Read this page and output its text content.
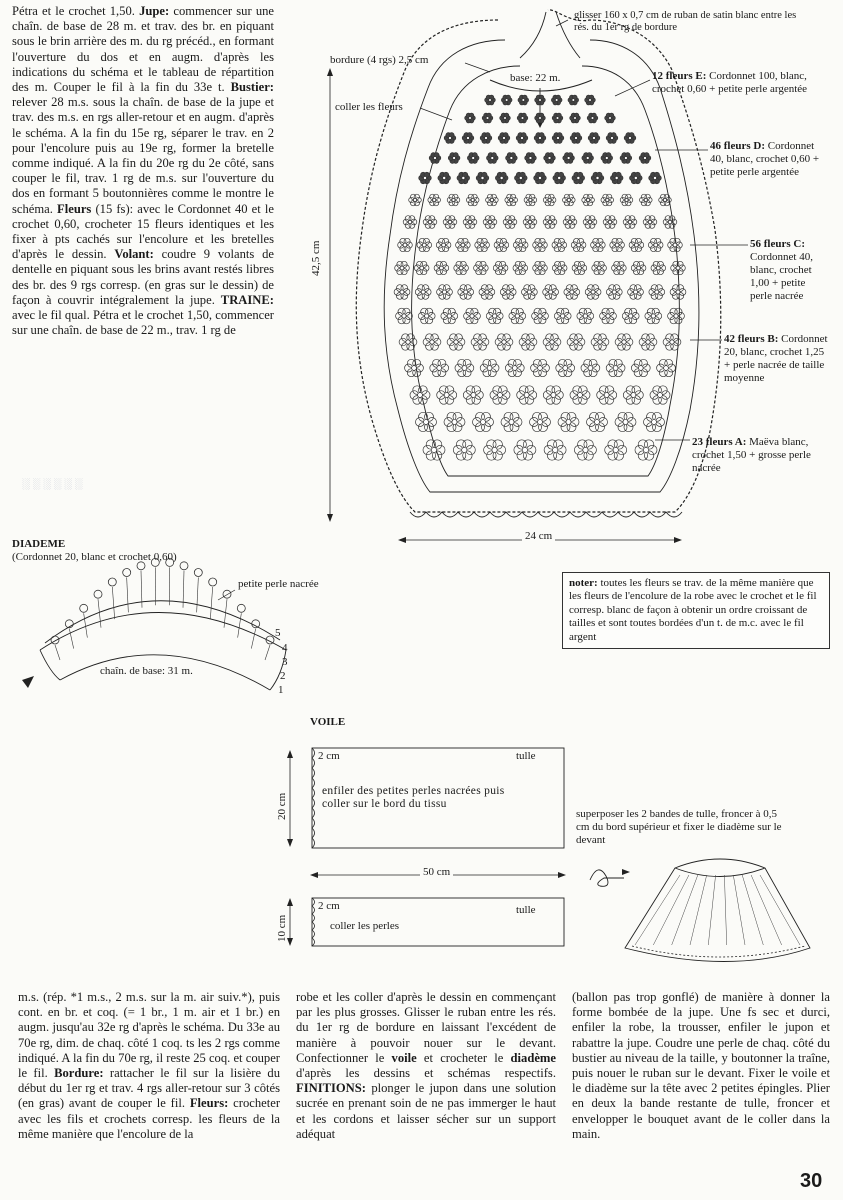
Pétra et le crochet 1,50. Jupe: commencer sur une chaîn. de base de 28 m. et trav. des br. en piquant sous le brin arrière des m. du rg précéd., en formant l'ouverture du dos et en augm. d'après les indications du schéma et le tableau de répartition des m. Couper le fil à la fin du 33e t. Bustier: relever 28 m.s. sous la chaîn. de base de la jupe et trav. des m.s. en rgs aller-retour et en augm. d'après le schéma. A la fin du 15e rg, séparer le trav. en 2 pour l'encolure puis au 19e rg, former la bretelle comme indiqué. A la fin du 20e rg du 2e côté, sans couper le fil, trav. 1 rg de m.s. sur l'ouverture du dos en formant 5 boutonnières comme le montre le schéma. Fleurs (15 fs): avec le Cordonnet 40 et le crochet 0,60, crocheter 15 fleurs identiques et les fixer à pts cachés sur l'encolure et les bretelles d'après le dessin. Volant: coudre 9 volants de dentelle en piquant sous les brins avant restés libres des br. des 9 rgs corresp. (en gras sur le dessin) de façon à couvrir intégralement la jupe. TRAINE: avec le fil qual. Pétra et le crochet 1,50, commencer sur une chaîn. de base de 22 m., trav. 1 rg de
glisser 160 x 0,7 cm de ruban de satin blanc entre les rés. du 1er rg de bordure
bordure (4 rgs) 2,5 cm
base: 22 m.
coller les fleurs
42,5 cm
24 cm
12 fleurs E: Cordonnet 100, blanc, crochet 0,60 + petite perle argentée
46 fleurs D: Cordonnet 40, blanc, crochet 0,60 + petite perle argentée
56 fleurs C: Cordonnet 40, blanc, crochet 1,00 + petite perle nacrée
42 fleurs B: Cordonnet 20, blanc, crochet 1,25 + perle nacrée de taille moyenne
23 fleurs A: Maëva blanc, crochet 1,50 + grosse perle nacrée
DIADEME
(Cordonnet 20, blanc et crochet 0,60)
petite perle nacrée
chaîn. de base: 31 m.
5
4
3
2
1
noter: toutes les fleurs se trav. de la même manière que les fleurs de l'encolure de la robe avec le crochet et le fil corresp. blanc de façon à obtenir un ordre croissant de tailles et sont toutes bordées d'un t. de m.c. avec le fil argent
VOILE
2 cm	tulle
enfiler des petites perles nacrées puis coller sur le bord du tissu
20 cm
50 cm
2 cm	tulle
coller les perles
10 cm
superposer les 2 bandes de tulle, froncer à 0,5 cm du bord supérieur et fixer le diadème sur le devant
░ ░ ░ ░ ░ ░
m.s. (rép. *1 m.s., 2 m.s. sur la m. air suiv.*), puis cont. en br. et coq. (= 1 br., 1 m. air et 1 br.) en augm. jusqu'au 32e rg d'après le schéma. Du 33e au 70e rg, dim. de chaq. côté 1 coq. ts les 2 rgs comme indiqué. A la fin du 70e rg, il reste 25 coq. et couper le fil. Bordure: rattacher le fil sur la lisière du début du 1er rg et trav. 4 rgs aller-retour sur 3 côtés (en gras) avant de couper le fil. Fleurs: crocheter avec les fils et crochets corresp. les fleurs de la même manière que l'encolure de la
robe et les coller d'après le dessin en commençant par les plus grosses. Glisser le ruban entre les rés. du 1er rg de bordure en laissant l'excédent de manière à pouvoir nouer sur le devant. Confectionner le voile et crocheter le diadème d'après les dessins et schémas respectifs. FINITIONS: plonger le jupon dans une solution sucrée en prenant soin de ne pas immerger le haut et les cordons et laisser sécher sur un support adéquat
(ballon pas trop gonflé) de manière à donner la forme bombée de la jupe. Une fs sec et durci, enfiler la robe, la trousser, enfiler le jupon et rabattre la jupe. Coudre une perle de chaq. côté du bustier au niveau de la taille, y boutonner la traîne, puis nouer le ruban sur le devant. Fixer le voile et le diadème sur la tête avec 2 petites épingles. Plier en deux la bande restante de tulle, froncer et envelopper le bouquet avant de le coller dans la main.
30
